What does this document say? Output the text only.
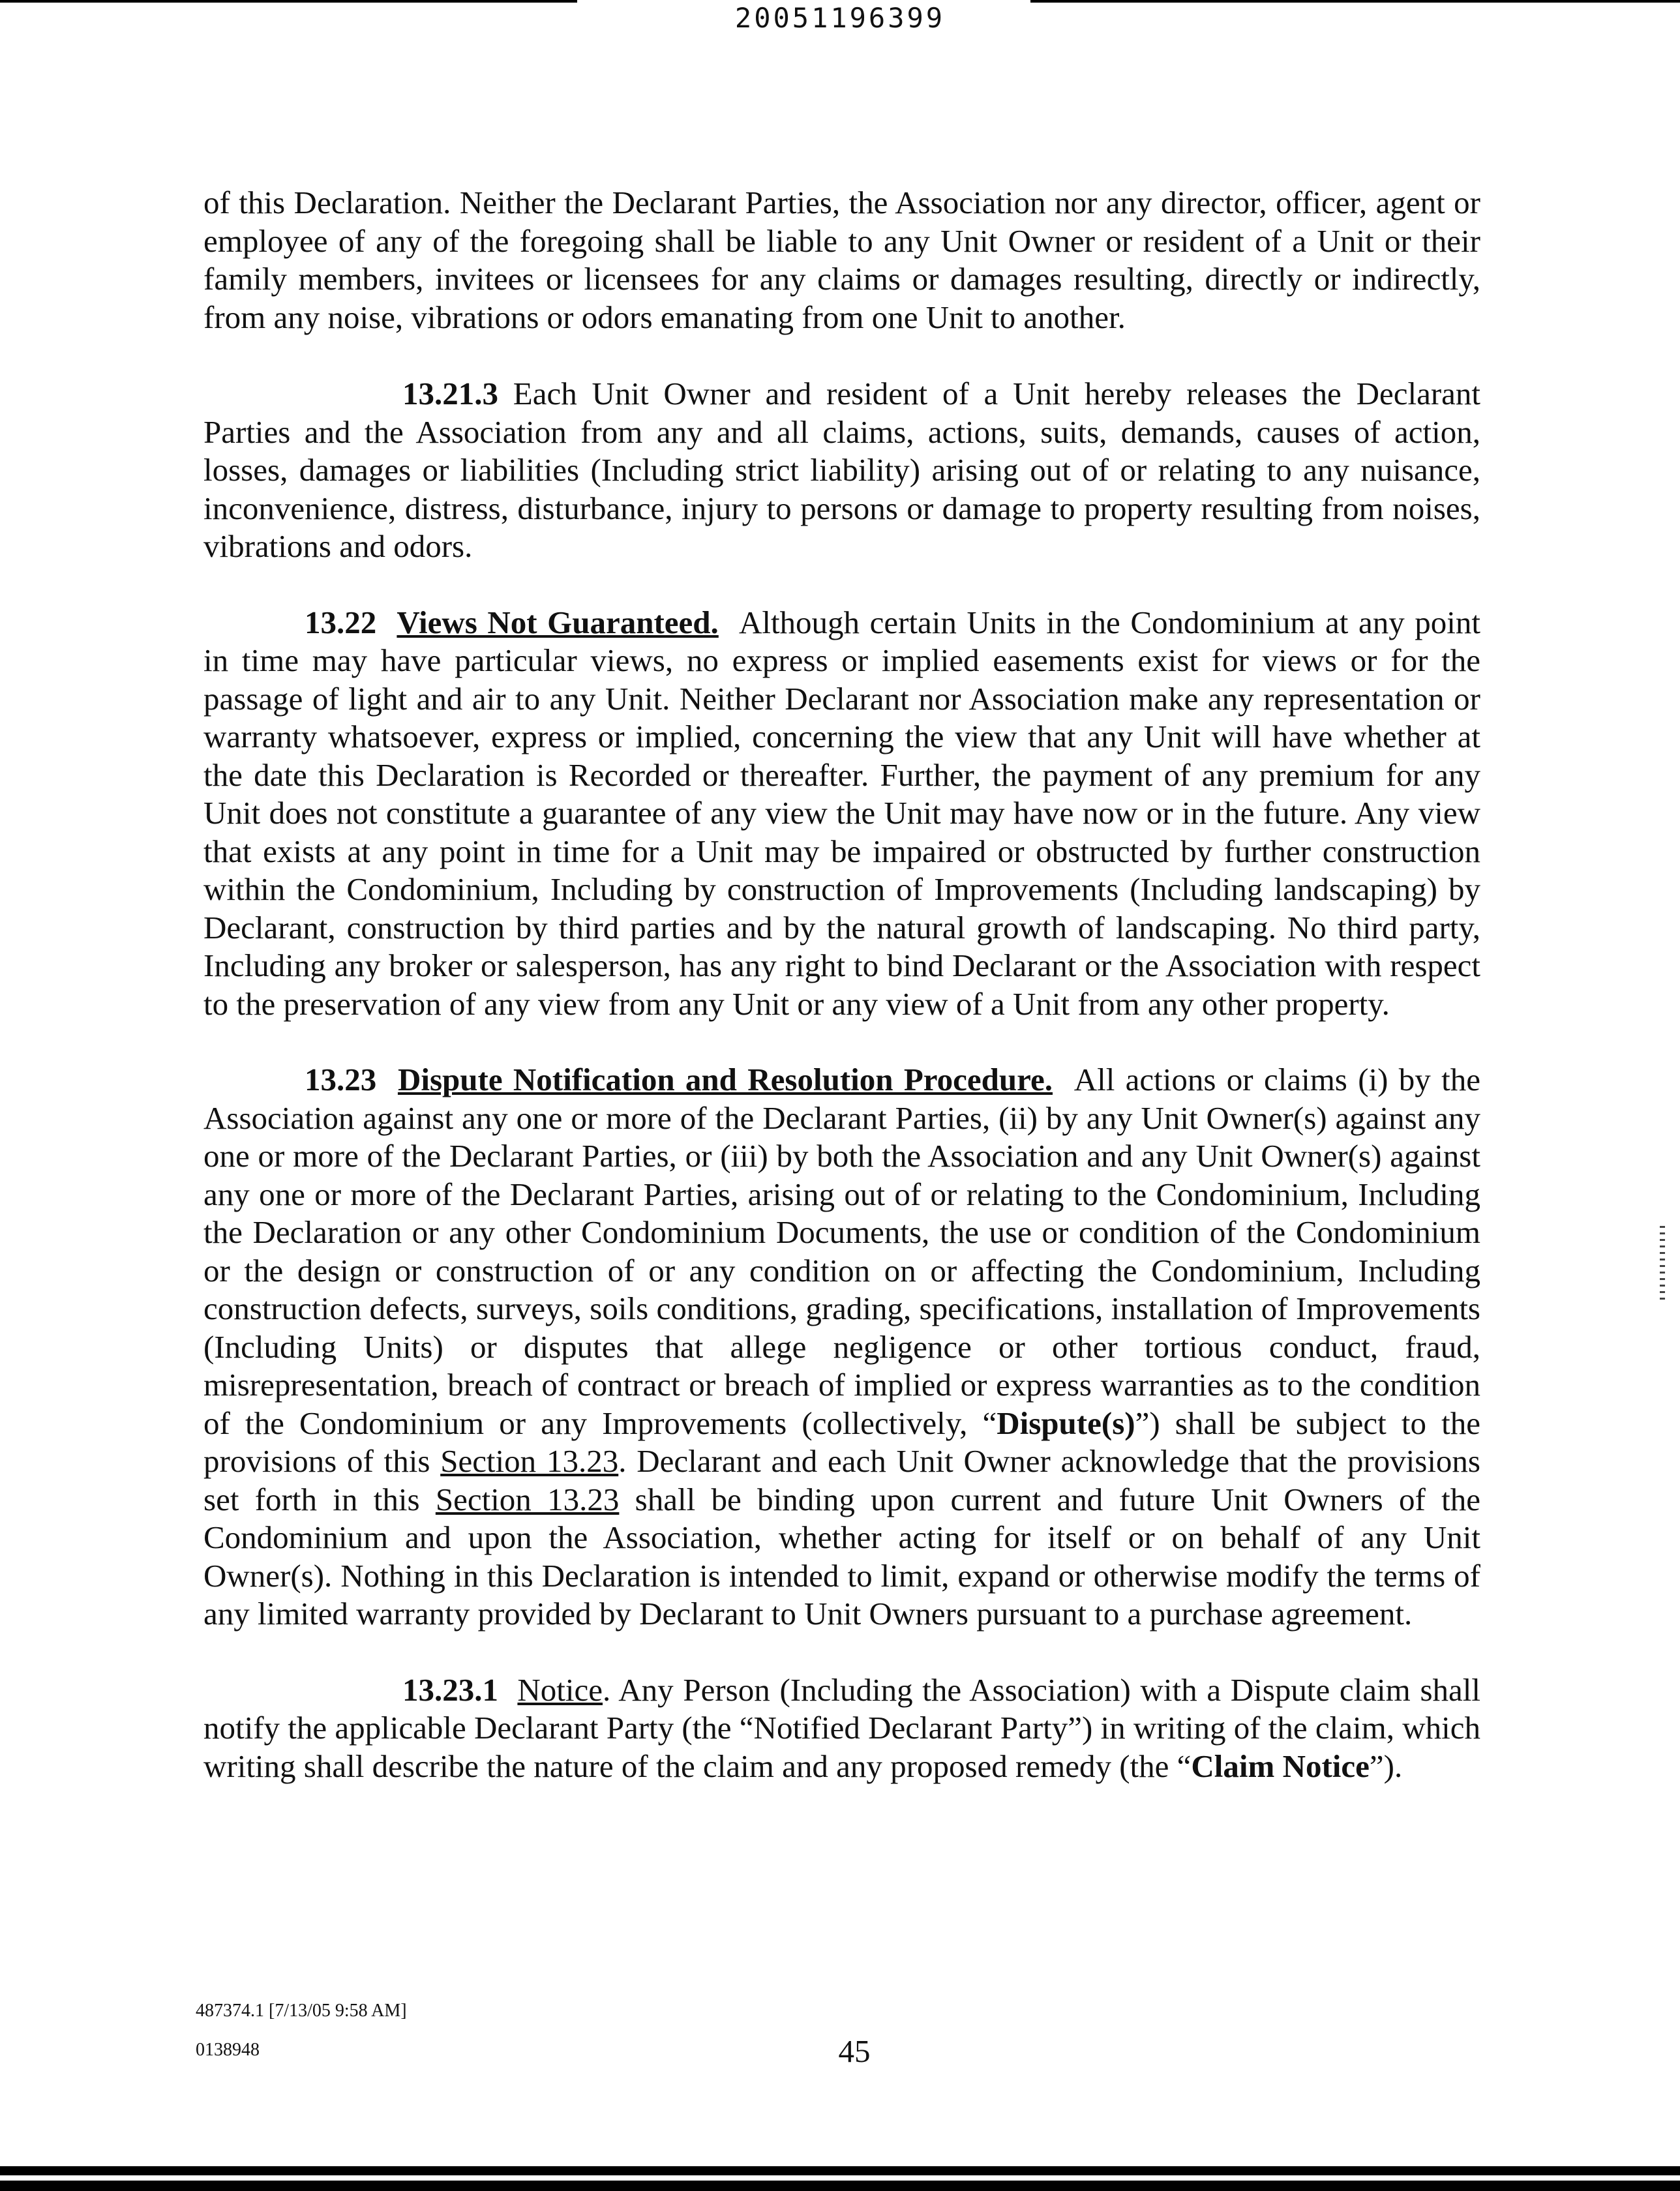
20051196399

of this Declaration. Neither the Declarant Parties, the Association nor any director, officer, agent or employee of any of the foregoing shall be liable to any Unit Owner or resident of a Unit or their family members, invitees or licensees for any claims or damages resulting, directly or indirectly, from any noise, vibrations or odors emanating from one Unit to another.

13.21.3 Each Unit Owner and resident of a Unit hereby releases the Declarant Parties and the Association from any and all claims, actions, suits, demands, causes of action, losses, damages or liabilities (Including strict liability) arising out of or relating to any nuisance, inconvenience, distress, disturbance, injury to persons or damage to property resulting from noises, vibrations and odors.

13.22 Views Not Guaranteed. Although certain Units in the Condominium at any point in time may have particular views, no express or implied easements exist for views or for the passage of light and air to any Unit. Neither Declarant nor Association make any representation or warranty whatsoever, express or implied, concerning the view that any Unit will have whether at the date this Declaration is Recorded or thereafter. Further, the payment of any premium for any Unit does not constitute a guarantee of any view the Unit may have now or in the future. Any view that exists at any point in time for a Unit may be impaired or obstructed by further construction within the Condominium, Including by construction of Improvements (Including landscaping) by Declarant, construction by third parties and by the natural growth of landscaping. No third party, Including any broker or salesperson, has any right to bind Declarant or the Association with respect to the preservation of any view from any Unit or any view of a Unit from any other property.

13.23 Dispute Notification and Resolution Procedure. All actions or claims (i) by the Association against any one or more of the Declarant Parties, (ii) by any Unit Owner(s) against any one or more of the Declarant Parties, or (iii) by both the Association and any Unit Owner(s) against any one or more of the Declarant Parties, arising out of or relating to the Condominium, Including the Declaration or any other Condominium Documents, the use or condition of the Condominium or the design or construction of or any condition on or affecting the Condominium, Including construction defects, surveys, soils conditions, grading, specifications, installation of Improvements (Including Units) or disputes that allege negligence or other tortious conduct, fraud, misrepresentation, breach of contract or breach of implied or express warranties as to the condition of the Condominium or any Improvements (collectively, “Dispute(s)”) shall be subject to the provisions of this Section 13.23. Declarant and each Unit Owner acknowledge that the provisions set forth in this Section 13.23 shall be binding upon current and future Unit Owners of the Condominium and upon the Association, whether acting for itself or on behalf of any Unit Owner(s). Nothing in this Declaration is intended to limit, expand or otherwise modify the terms of any limited warranty provided by Declarant to Unit Owners pursuant to a purchase agreement.

13.23.1 Notice. Any Person (Including the Association) with a Dispute claim shall notify the applicable Declarant Party (the “Notified Declarant Party”) in writing of the claim, which writing shall describe the nature of the claim and any proposed remedy (the “Claim Notice”).

487374.1 [7/13/05 9:58 AM]
0138948	45
